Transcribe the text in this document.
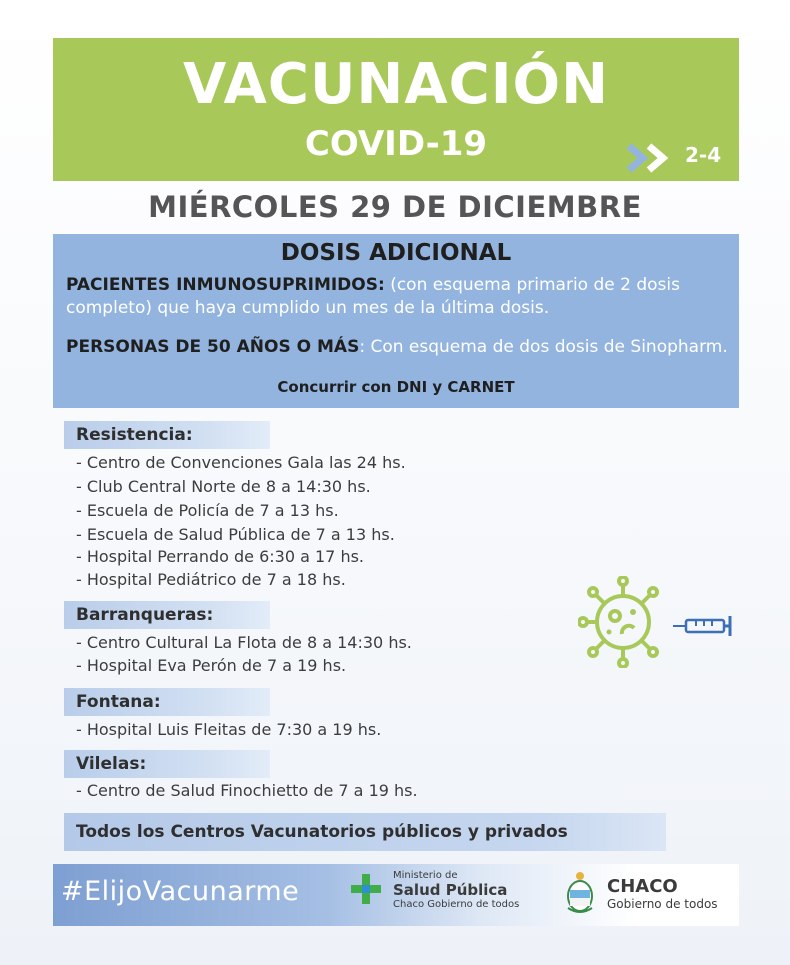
VACUNACIÓN
COVID-19	2-4
MIÉRCOLES 29 DE DICIEMBRE
DOSIS ADICIONAL
PACIENTES INMUNOSUPRIMIDOS: (con esquema primario de 2 dosis completo) que haya cumplido un mes de la última dosis.
PERSONAS DE 50 AÑOS O MÁS: Con esquema de dos dosis de Sinopharm.
Concurrir con DNI y CARNET
Resistencia:
- Centro de Convenciones Gala las 24 hs.
- Club Central Norte de 8 a 14:30 hs.
- Escuela de Policía de 7 a 13 hs.
- Escuela de Salud Pública de 7 a 13 hs.
- Hospital Perrando de 6:30 a 17 hs.
- Hospital Pediátrico de 7 a 18 hs.
Barranqueras:
- Centro Cultural La Flota de 8 a 14:30 hs.
- Hospital Eva Perón de 7 a 19 hs.
Fontana:
- Hospital Luis Fleitas de 7:30 a 19 hs.
Vilelas:
- Centro de Salud Finochietto de 7 a 19 hs.
Todos los Centros Vacunatorios públicos y privados
#ElijoVacunarme
Ministerio de
Salud Pública
Chaco Gobierno de todos
CHACO
Gobierno de todos
